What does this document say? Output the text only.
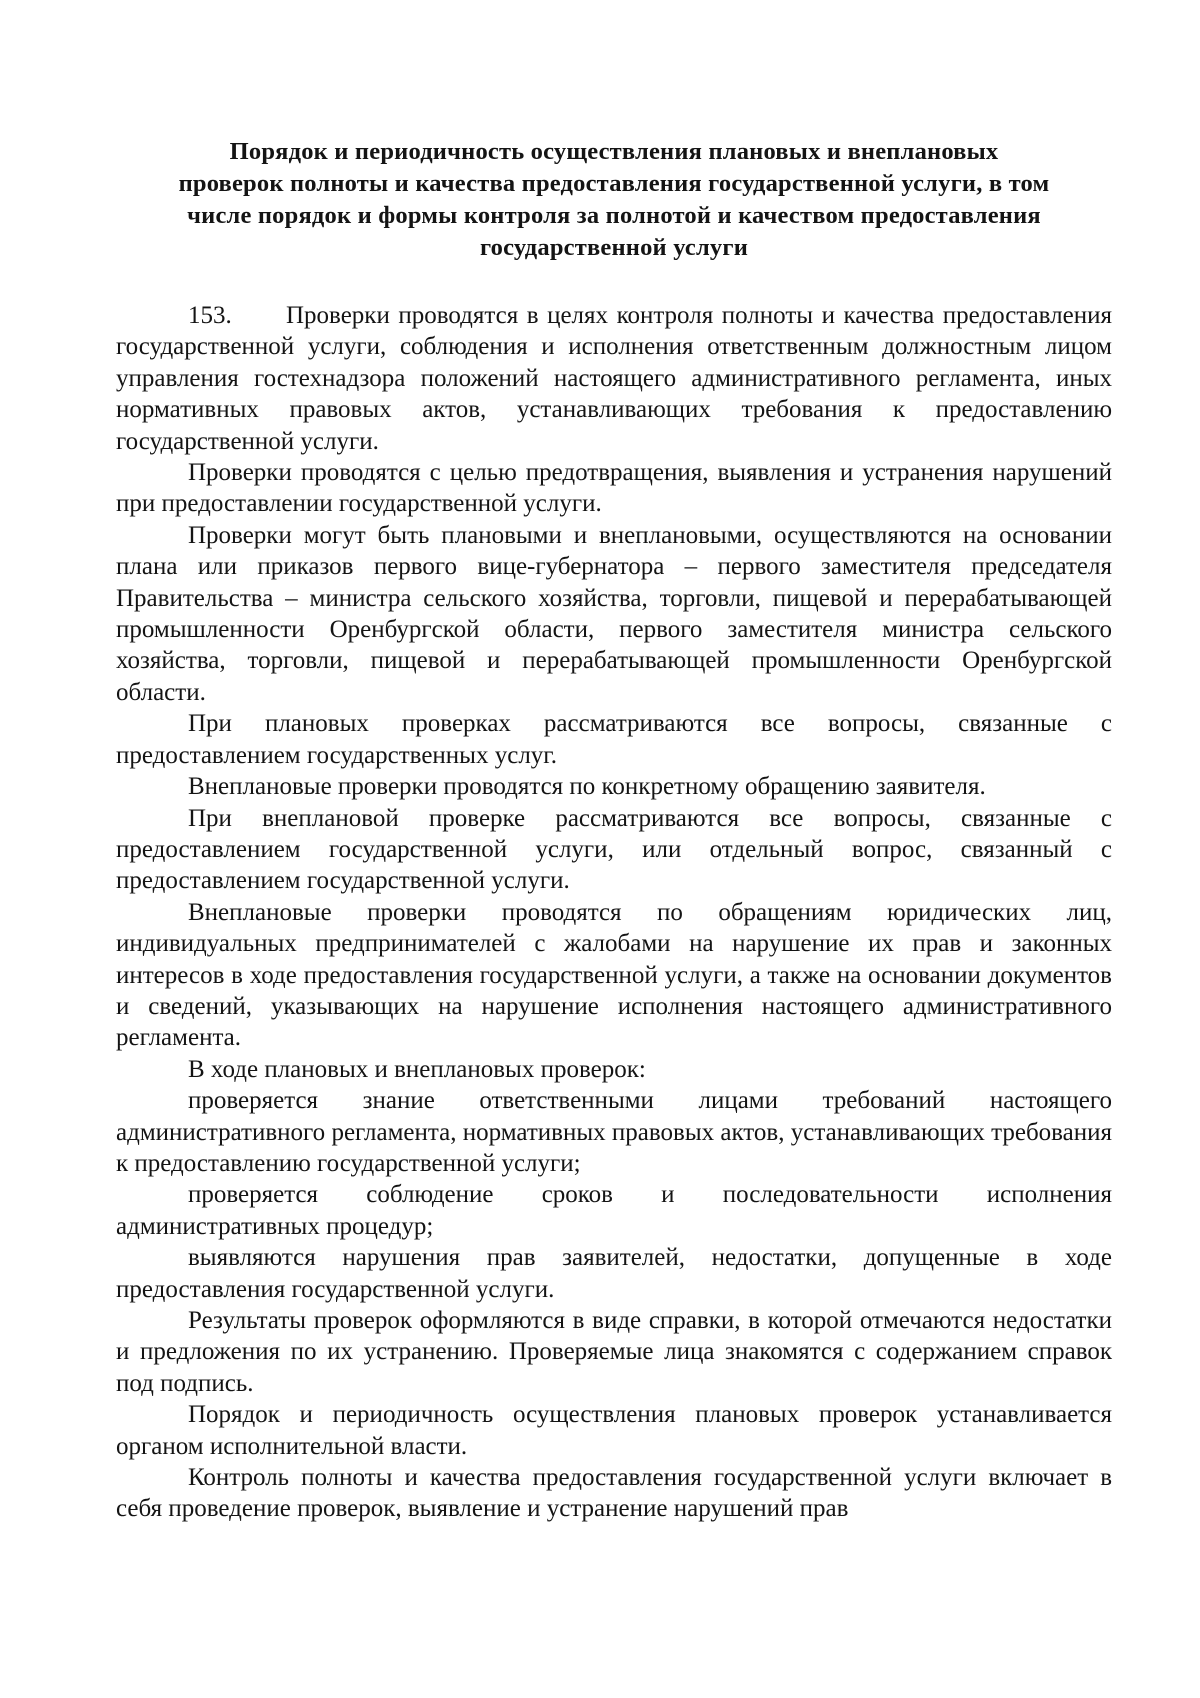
Порядок и периодичность осуществления плановых и внеплановых
проверок полноты и качества предоставления государственной услуги, в том
числе порядок и формы контроля за полнотой и качеством предоставления
государственной услуги

153. Проверки проводятся в целях контроля полноты и качества предоставления государственной услуги, соблюдения и исполнения ответственным должностным лицом управления гостехнадзора положений настоящего административного регламента, иных нормативных правовых актов, устанавливающих требования к предоставлению государственной услуги.

Проверки проводятся с целью предотвращения, выявления и устранения нарушений при предоставлении государственной услуги.

Проверки могут быть плановыми и внеплановыми, осуществляются на основании плана или приказов первого вице-губернатора – первого заместителя председателя Правительства – министра сельского хозяйства, торговли, пищевой и перерабатывающей промышленности Оренбургской области, первого заместителя министра сельского хозяйства, торговли, пищевой и перерабатывающей промышленности Оренбургской области.

При плановых проверках рассматриваются все вопросы, связанные с предоставлением государственных услуг.

Внеплановые проверки проводятся по конкретному обращению заявителя.

При внеплановой проверке рассматриваются все вопросы, связанные с предоставлением государственной услуги, или отдельный вопрос, связанный с предоставлением государственной услуги.

Внеплановые проверки проводятся по обращениям юридических лиц, индивидуальных предпринимателей с жалобами на нарушение их прав и законных интересов в ходе предоставления государственной услуги, а также на основании документов и сведений, указывающих на нарушение исполнения настоящего административного регламента.

В ходе плановых и внеплановых проверок:

проверяется знание ответственными лицами требований настоящего административного регламента, нормативных правовых актов, устанавливающих требования к предоставлению государственной услуги;

проверяется соблюдение сроков и последовательности исполнения административных процедур;

выявляются нарушения прав заявителей, недостатки, допущенные в ходе предоставления государственной услуги.

Результаты проверок оформляются в виде справки, в которой отмечаются недостатки и предложения по их устранению. Проверяемые лица знакомятся с содержанием справок под подпись.

Порядок и периодичность осуществления плановых проверок устанавливается органом исполнительной власти.

Контроль полноты и качества предоставления государственной услуги включает в себя проведение проверок, выявление и устранение нарушений прав
